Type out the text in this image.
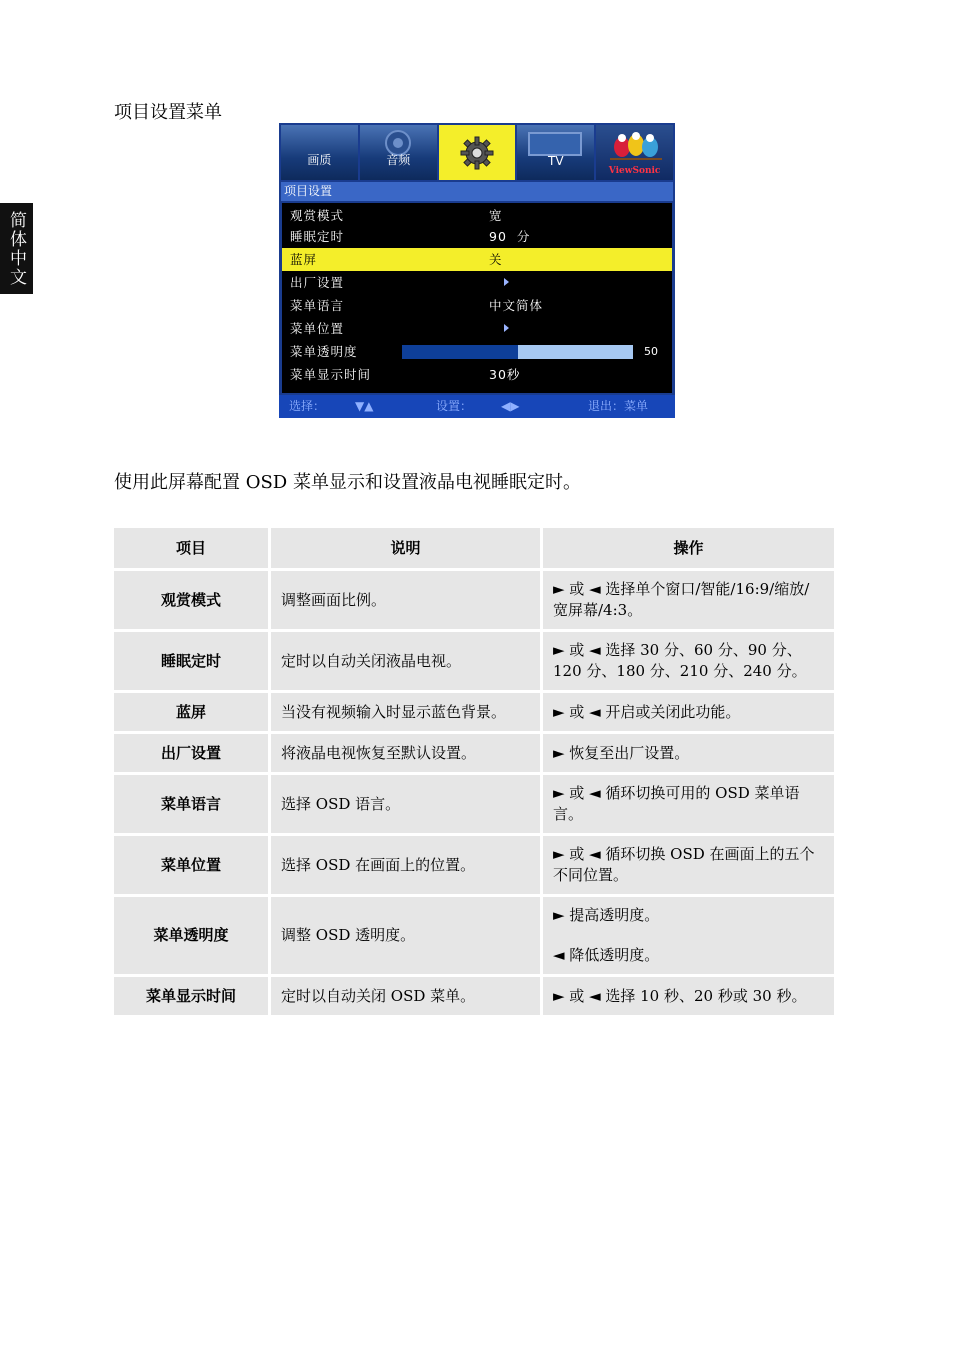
简体中文
项目设置菜单
画质	音频	TV
ViewSonic
项目设置
观赏模式	宽
睡眠定时	90  分
蓝屏	关
出厂设置
菜单语言	中文简体
菜单位置
菜单透明度	50
菜单显示时间	30秒
选择： ▼▲	设置： ◀▶	退出：菜单
使用此屏幕配置 OSD 菜单显示和设置液晶电视睡眠定时。
项目	说明	操作
观赏模式	调整画面比例。	► 或 ◄ 选择单个窗口/智能/16:9/缩放/宽屏幕/4:3。
睡眠定时	定时以自动关闭液晶电视。	► 或 ◄ 选择 30 分、60 分、90 分、120 分、180 分、210 分、240 分。
蓝屏	当没有视频输入时显示蓝色背景。	► 或 ◄ 开启或关闭此功能。
出厂设置	将液晶电视恢复至默认设置。	► 恢复至出厂设置。
菜单语言	选择 OSD 语言。	► 或 ◄ 循环切换可用的 OSD 菜单语言。
菜单位置	选择 OSD 在画面上的位置。	► 或 ◄ 循环切换 OSD 在画面上的五个不同位置。
菜单透明度	调整 OSD 透明度。	► 提高透明度。
◄ 降低透明度。

菜单显示时间	定时以自动关闭 OSD 菜单。	► 或 ◄ 选择 10 秒、20 秒或 30 秒。
